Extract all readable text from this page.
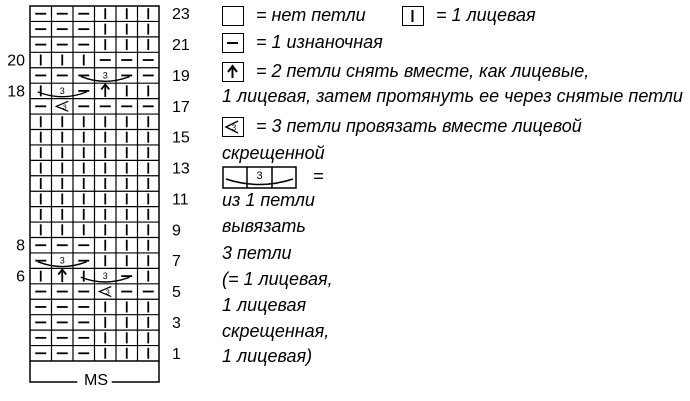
3
3
3
3
3
3
1
3
5
6
7
8
9
11
13
15
17
18
19
20
21
23
MS
= нет петли	= 1 лицевая
= 1 изнаночная
= 2 петли снять вместе, как лицевые,
1 лицевая, затем протянуть ее через снятые петли
3 = 3 петли провязать вместе лицевой
скрещенной
3	=
из 1 петли
вывязать
3 петли
(= 1 лицевая,
1 лицевая
скрещенная,
1 лицевая)
